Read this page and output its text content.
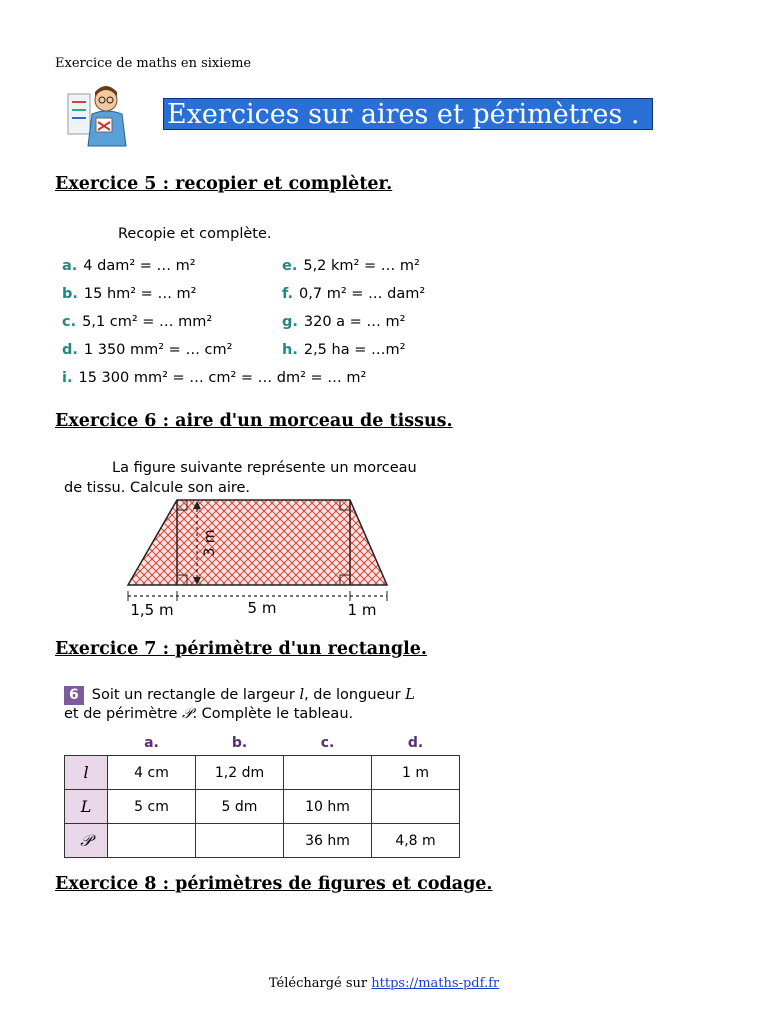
Exercice de maths en sixieme
Exercices sur aires et périmètres .
Exercice 5 : recopier et complèter.
Recopie et complète.
a. 4 dam² = … m²
b. 15 hm² = … m²
c. 5,1 cm² = … mm²
d. 1 350 mm² = … cm²
e. 5,2 km² = … m²
f. 0,7 m² = … dam²
g. 320 a = … m²
h. 2,5 ha = …m²
i. 15 300 mm² = … cm² = … dm² = … m²
Exercice 6 : aire d'un morceau de tissus.
La figure suivante représente un morceau
de tissu. Calcule son aire.
3 m
1,5 m	5 m	1 m
Exercice 7 : périmètre d'un rectangle.
6 Soit un rectangle de largeur l, de longueur L
et de périmètre 𝒫. Complète le tableau.
	a.	b.	c.	d.
l	4 cm	1,2 dm		1 m
L	5 cm	5 dm	10 hm	
𝒫			36 hm	4,8 m
Exercice 8 : périmètres de figures et codage.
Téléchargé sur https://maths-pdf.fr
